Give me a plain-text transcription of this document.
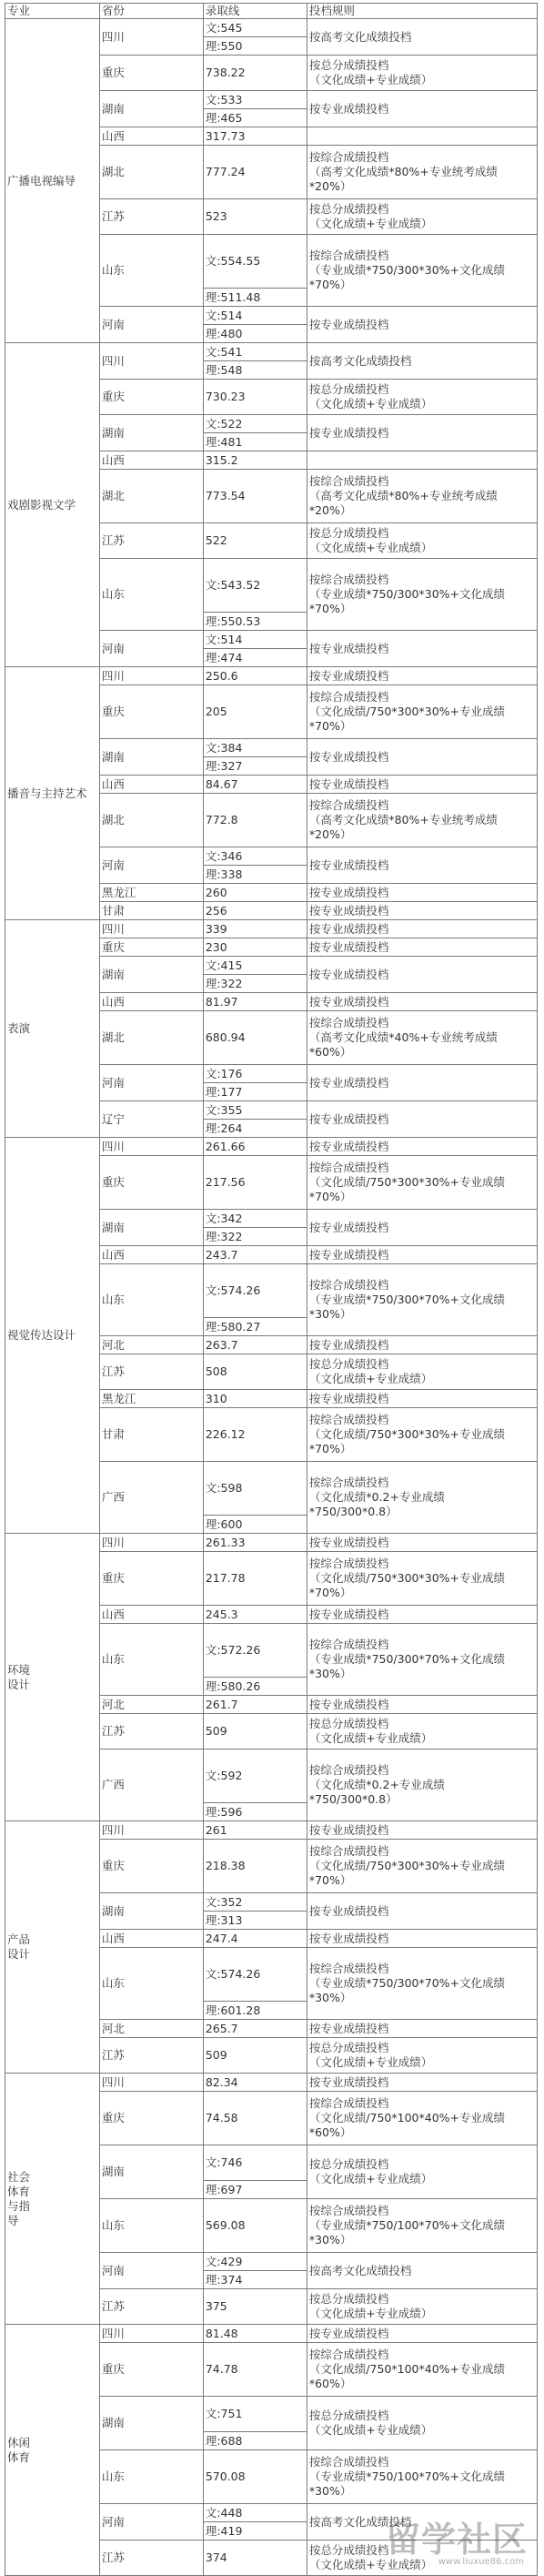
专业	省份	录取线	投档规则
广播电视编导	四川	文:545	按高考文化成绩投档
		理:550	
	重庆	738.22	按总分成绩投档
（文化成绩+专业成绩）
	湖南	文:533	按专业成绩投档
		理:465	
	山西	317.73	
	湖北	777.24	按综合成绩投档
（高考文化成绩*80%+专业统考成绩
*20%）
	江苏	523	按总分成绩投档
（文化成绩+专业成绩）
	山东	文:554.55	按综合成绩投档
（专业成绩*750/300*30%+文化成绩
*70%）
		理:511.48	
	河南	文:514	按专业成绩投档
		理:480	
戏剧影视文学	四川	文:541	按高考文化成绩投档
		理:548	
	重庆	730.23	按总分成绩投档
（文化成绩+专业成绩）
	湖南	文:522	按专业成绩投档
		理:481	
	山西	315.2	
	湖北	773.54	按综合成绩投档
（高考文化成绩*80%+专业统考成绩
*20%）
	江苏	522	按总分成绩投档
（文化成绩+专业成绩）
	山东	文:543.52	按综合成绩投档
（专业成绩*750/300*30%+文化成绩
*70%）
		理:550.53	
	河南	文:514	按专业成绩投档
		理:474	
播音与主持艺术	四川	250.6	按专业成绩投档
	重庆	205	按综合成绩投档
（文化成绩/750*300*30%+专业成绩
*70%）
	湖南	文:384	按专业成绩投档
		理:327	
	山西	84.67	按专业成绩投档
	湖北	772.8	按综合成绩投档
（高考文化成绩*80%+专业统考成绩
*20%）
	河南	文:346	按专业成绩投档
		理:338	
	黑龙江	260	按专业成绩投档
	甘肃	256	按专业成绩投档
表演	四川	339	按专业成绩投档
	重庆	230	按专业成绩投档
	湖南	文:415	按专业成绩投档
		理:322	
	山西	81.97	按专业成绩投档
	湖北	680.94	按综合成绩投档
（高考文化成绩*40%+专业统考成绩
*60%）
	河南	文:176	按专业成绩投档
		理:177	
	辽宁	文:355	按专业成绩投档
		理:264	
视觉传达设计	四川	261.66	按专业成绩投档
	重庆	217.56	按综合成绩投档
（文化成绩/750*300*30%+专业成绩
*70%）
	湖南	文:342	按专业成绩投档
		理:322	
	山西	243.7	按专业成绩投档
	山东	文:574.26	按综合成绩投档
（专业成绩*750/300*70%+文化成绩
*30%）
		理:580.27	
	河北	263.7	按专业成绩投档
	江苏	508	按总分成绩投档
（文化成绩+专业成绩）
	黑龙江	310	按专业成绩投档
	甘肃	226.12	按综合成绩投档
（文化成绩/750*300*30%+专业成绩
*70%）
	广西	文:598	按综合成绩投档
（文化成绩*0.2+专业成绩
*750/300*0.8）
		理:600	
环境
设计	四川	261.33	按专业成绩投档
	重庆	217.78	按综合成绩投档
（文化成绩/750*300*30%+专业成绩
*70%）
	山西	245.3	按专业成绩投档
	山东	文:572.26	按综合成绩投档
（专业成绩*750/300*70%+文化成绩
*30%）
		理:580.26	
	河北	261.7	按专业成绩投档
	江苏	509	按总分成绩投档
（文化成绩+专业成绩）
	广西	文:592	按综合成绩投档
（文化成绩*0.2+专业成绩
*750/300*0.8）
		理:596	
产品
设计	四川	261	按专业成绩投档
	重庆	218.38	按综合成绩投档
（文化成绩/750*300*30%+专业成绩
*70%）
	湖南	文:352	按专业成绩投档
		理:313	
	山西	247.4	按专业成绩投档
	山东	文:574.26	按综合成绩投档
（专业成绩*750/300*70%+文化成绩
*30%）
		理:601.28	
	河北	265.7	按专业成绩投档
	江苏	509	按总分成绩投档
（文化成绩+专业成绩）
社会
体育
与指
导	四川	82.34	按专业成绩投档
	重庆	74.58	按综合成绩投档
（文化成绩/750*100*40%+专业成绩
*60%）
	湖南	文:746	按总分成绩投档
（文化成绩+专业成绩）
		理:697	
	山东	569.08	按综合成绩投档
（专业成绩*750/100*70%+文化成绩
*30%）
	河南	文:429	按高考文化成绩投档
		理:374	
	江苏	375	按总分成绩投档
（文化成绩+专业成绩）
休闲
体育	四川	81.48	按专业成绩投档
	重庆	74.78	按综合成绩投档
（文化成绩/750*100*40%+专业成绩
*60%）
	湖南	文:751	按总分成绩投档
（文化成绩+专业成绩）
		理:688	
	山东	570.08	按综合成绩投档
（专业成绩*750/100*70%+文化成绩
*30%）
	河南	文:448	按高考文化成绩投档
		理:419	
	江苏	374	按总分成绩投档
（文化成绩+专业成绩）
留学社区
www.liuxue86.com
